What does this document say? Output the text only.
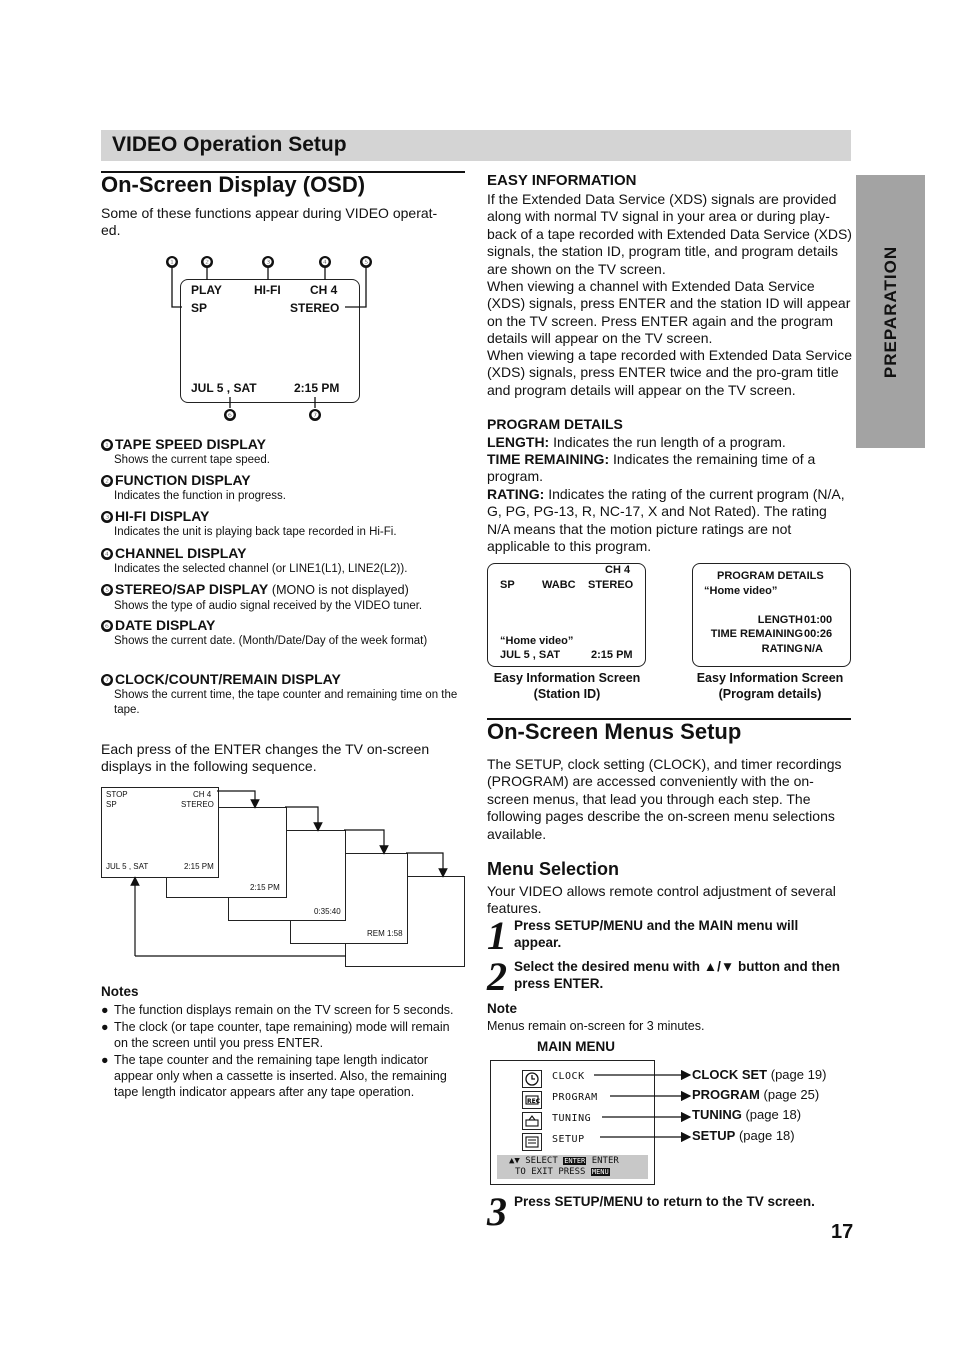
VIDEO Operation Setup
PREPARATION
On-Screen Display (OSD)
Some of these functions appear during VIDEO operat-ed.
❶	❷	❸	❹	❺
❻	❼
PLAY	HI-FI CH 4
SP	STEREO
JUL 5 , SAT	2:15 PM
❶ TAPE SPEED DISPLAY
Shows the current tape speed.
❷ FUNCTION DISPLAY
Indicates the function in progress.
❸ HI-FI DISPLAY
Indicates the unit is playing back tape recorded in Hi-Fi.
❹ CHANNEL DISPLAY
Indicates the selected channel (or LINE1(L1), LINE2(L2)).
❺ STEREO/SAP DISPLAY (MONO is not displayed)
Shows the type of audio signal received by the VIDEO tuner.
❻ DATE DISPLAY
Shows the current date. (Month/Date/Day of the week format)
❼ CLOCK/COUNT/REMAIN DISPLAY
Shows the current time, the tape counter and remaining time on the tape.
Each press of the ENTER changes the TV on-screen displays in the following sequence.
STOP	CH 4
SP	STEREO
JUL 5 , SAT	2:15 PM
2:15 PM
0:35:40
REM 1:58
Notes
● The function displays remain on the TV screen for 5 seconds.
● The clock (or tape counter, tape remaining) mode will remain on the screen until you press ENTER.
● The tape counter and the remaining tape length indicator appear only when a cassette is inserted. Also, the remaining tape length indicator appears after any tape operation.
EASY INFORMATION
If the Extended Data Service (XDS) signals are provided along with normal TV signal in your area or during play-back of a tape recorded with Extended Data Service (XDS) signals, the station ID, program title, and program details are shown on the TV screen.
When viewing a channel with Extended Data Service (XDS) signals, press ENTER and the station ID will appear on the TV screen. Press ENTER again and the program details will appear on the TV screen.
When viewing a tape recorded with Extended Data Service (XDS) signals, press ENTER twice and the pro-gram title and program details will appear on the TV screen.
PROGRAM DETAILS
LENGTH: Indicates the run length of a program.
TIME REMAINING: Indicates the remaining time of a program.
RATING: Indicates the rating of the current program (N/A, G, PG, PG-13, R, NC-17, X and Not Rated). The rating N/A means that the motion picture ratings are not applicable to this program.
CH 4
SP WABC STEREO
“Home video”
JUL 5 , SAT	2:15 PM
Easy Information Screen
(Station ID)
PROGRAM DETAILS
“Home video”
LENGTH 01:00
TIME REMAINING 00:26
RATING N/A
Easy Information Screen
(Program details)
On-Screen Menus Setup
The SETUP, clock setting (CLOCK), and timer recordings (PROGRAM) are accessed conveniently with the on-screen menus, that lead you through each step. The following pages describe the on-screen menu selections available.
Menu Selection
Your VIDEO allows remote control adjustment of several features.
1 Press SETUP/MENU and the MAIN menu will appear.
2 Select the desired menu with ▲/▼ button and then press ENTER.
Note
Menus remain on-screen for 3 minutes.
MAIN MENU
REC
CLOCK
PROGRAM
TUNING
SETUP
▲▼ SELECT ENTER ENTER
TO EXIT PRESS MENU
CLOCK SET (page 19)
PROGRAM (page 25)
TUNING (page 18)
SETUP (page 18)
3 Press SETUP/MENU to return to the TV screen.
17
